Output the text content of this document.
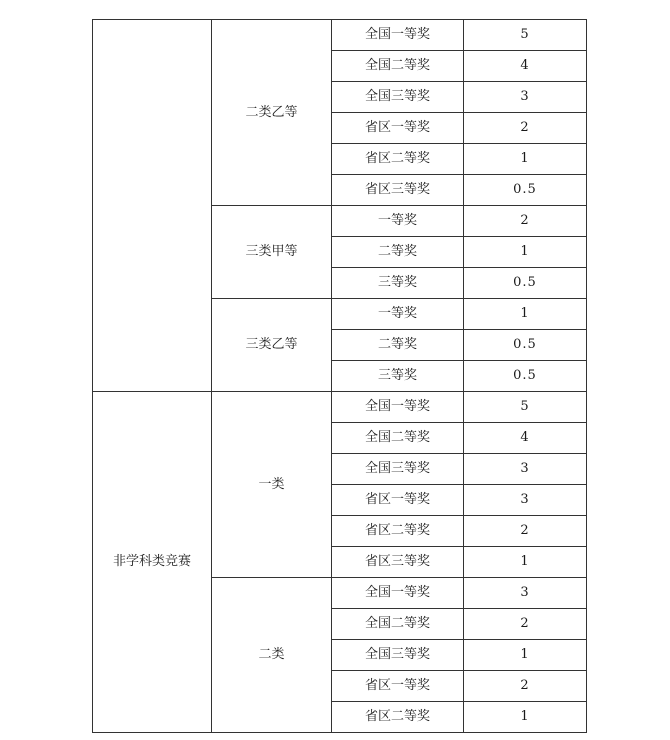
	二类乙等	全国一等奖	5
		全国二等奖	4
		全国三等奖	3
		省区一等奖	2
		省区二等奖	1
		省区三等奖	0.5
	三类甲等	一等奖	2
		二等奖	1
		三等奖	0.5
	三类乙等	一等奖	1
		二等奖	0.5
		三等奖	0.5
非学科类竞赛	一类	全国一等奖	5
		全国二等奖	4
		全国三等奖	3
		省区一等奖	3
		省区二等奖	2
		省区三等奖	1
	二类	全国一等奖	3
		全国二等奖	2
		全国三等奖	1
		省区一等奖	2
		省区二等奖	1
